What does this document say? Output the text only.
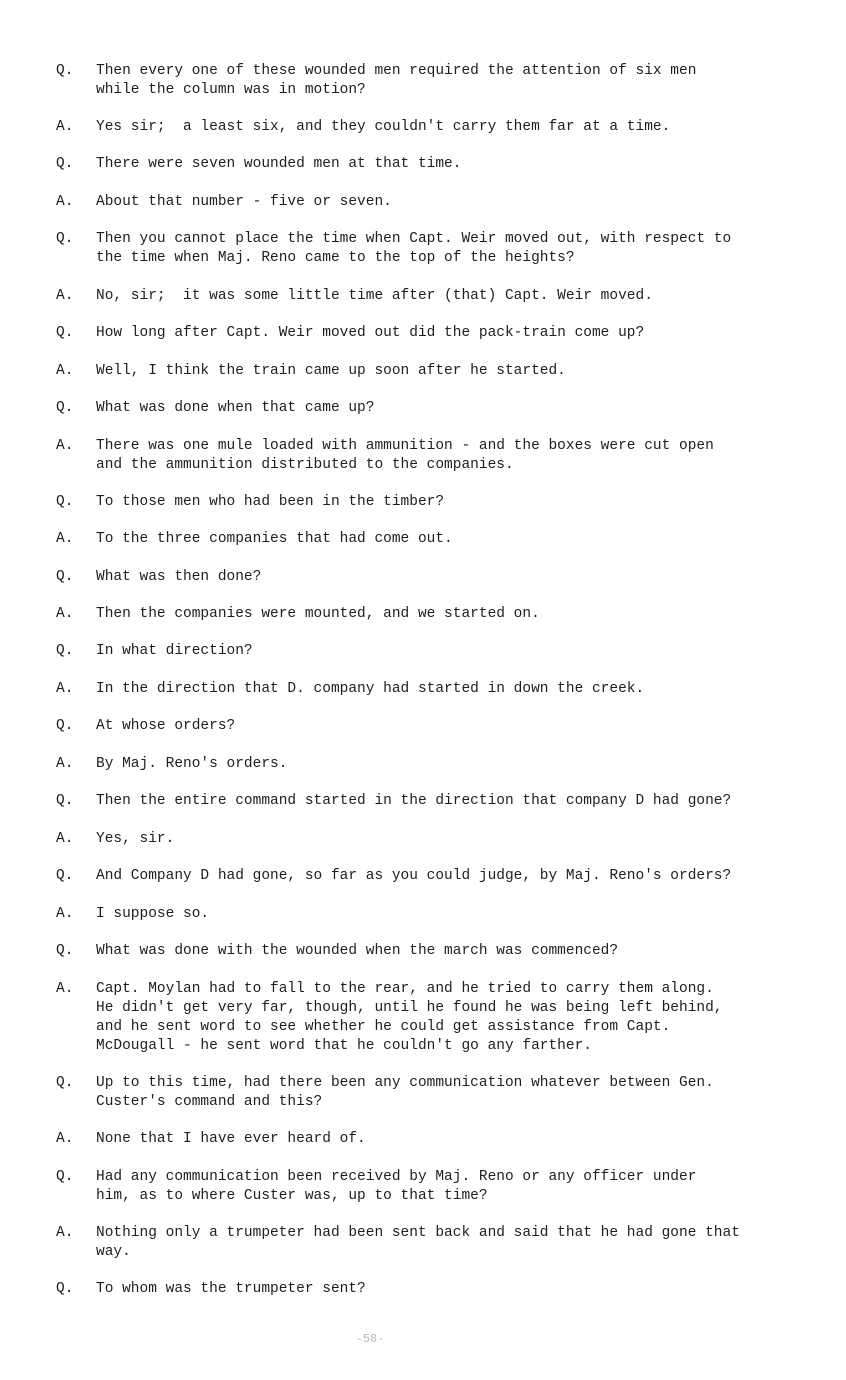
Q.	Then every one of these wounded men required the attention of six men
while the column was in motion?
A.	Yes sir;  a least six, and they couldn't carry them far at a time.
Q.	There were seven wounded men at that time.
A.	About that number - five or seven.
Q.	Then you cannot place the time when Capt. Weir moved out, with respect to
the time when Maj. Reno came to the top of the heights?
A.	No, sir;  it was some little time after (that) Capt. Weir moved.
Q.	How long after Capt. Weir moved out did the pack-train come up?
A.	Well, I think the train came up soon after he started.
Q.	What was done when that came up?
A.	There was one mule loaded with ammunition - and the boxes were cut open
and the ammunition distributed to the companies.
Q.	To those men who had been in the timber?
A.	To the three companies that had come out.
Q.	What was then done?
A.	Then the companies were mounted, and we started on.
Q.	In what direction?
A.	In the direction that D. company had started in down the creek.
Q.	At whose orders?
A.	By Maj. Reno's orders.
Q.	Then the entire command started in the direction that company D had gone?
A.	Yes, sir.
Q.	And Company D had gone, so far as you could judge, by Maj. Reno's orders?
A.	I suppose so.
Q.	What was done with the wounded when the march was commenced?
A.	Capt. Moylan had to fall to the rear, and he tried to carry them along.
He didn't get very far, though, until he found he was being left behind,
and he sent word to see whether he could get assistance from Capt.
McDougall - he sent word that he couldn't go any farther.
Q.	Up to this time, had there been any communication whatever between Gen.
Custer's command and this?
A.	None that I have ever heard of.
Q.	Had any communication been received by Maj. Reno or any officer under
him, as to where Custer was, up to that time?
A.	Nothing only a trumpeter had been sent back and said that he had gone that
way.
Q.	To whom was the trumpeter sent?
-58-
